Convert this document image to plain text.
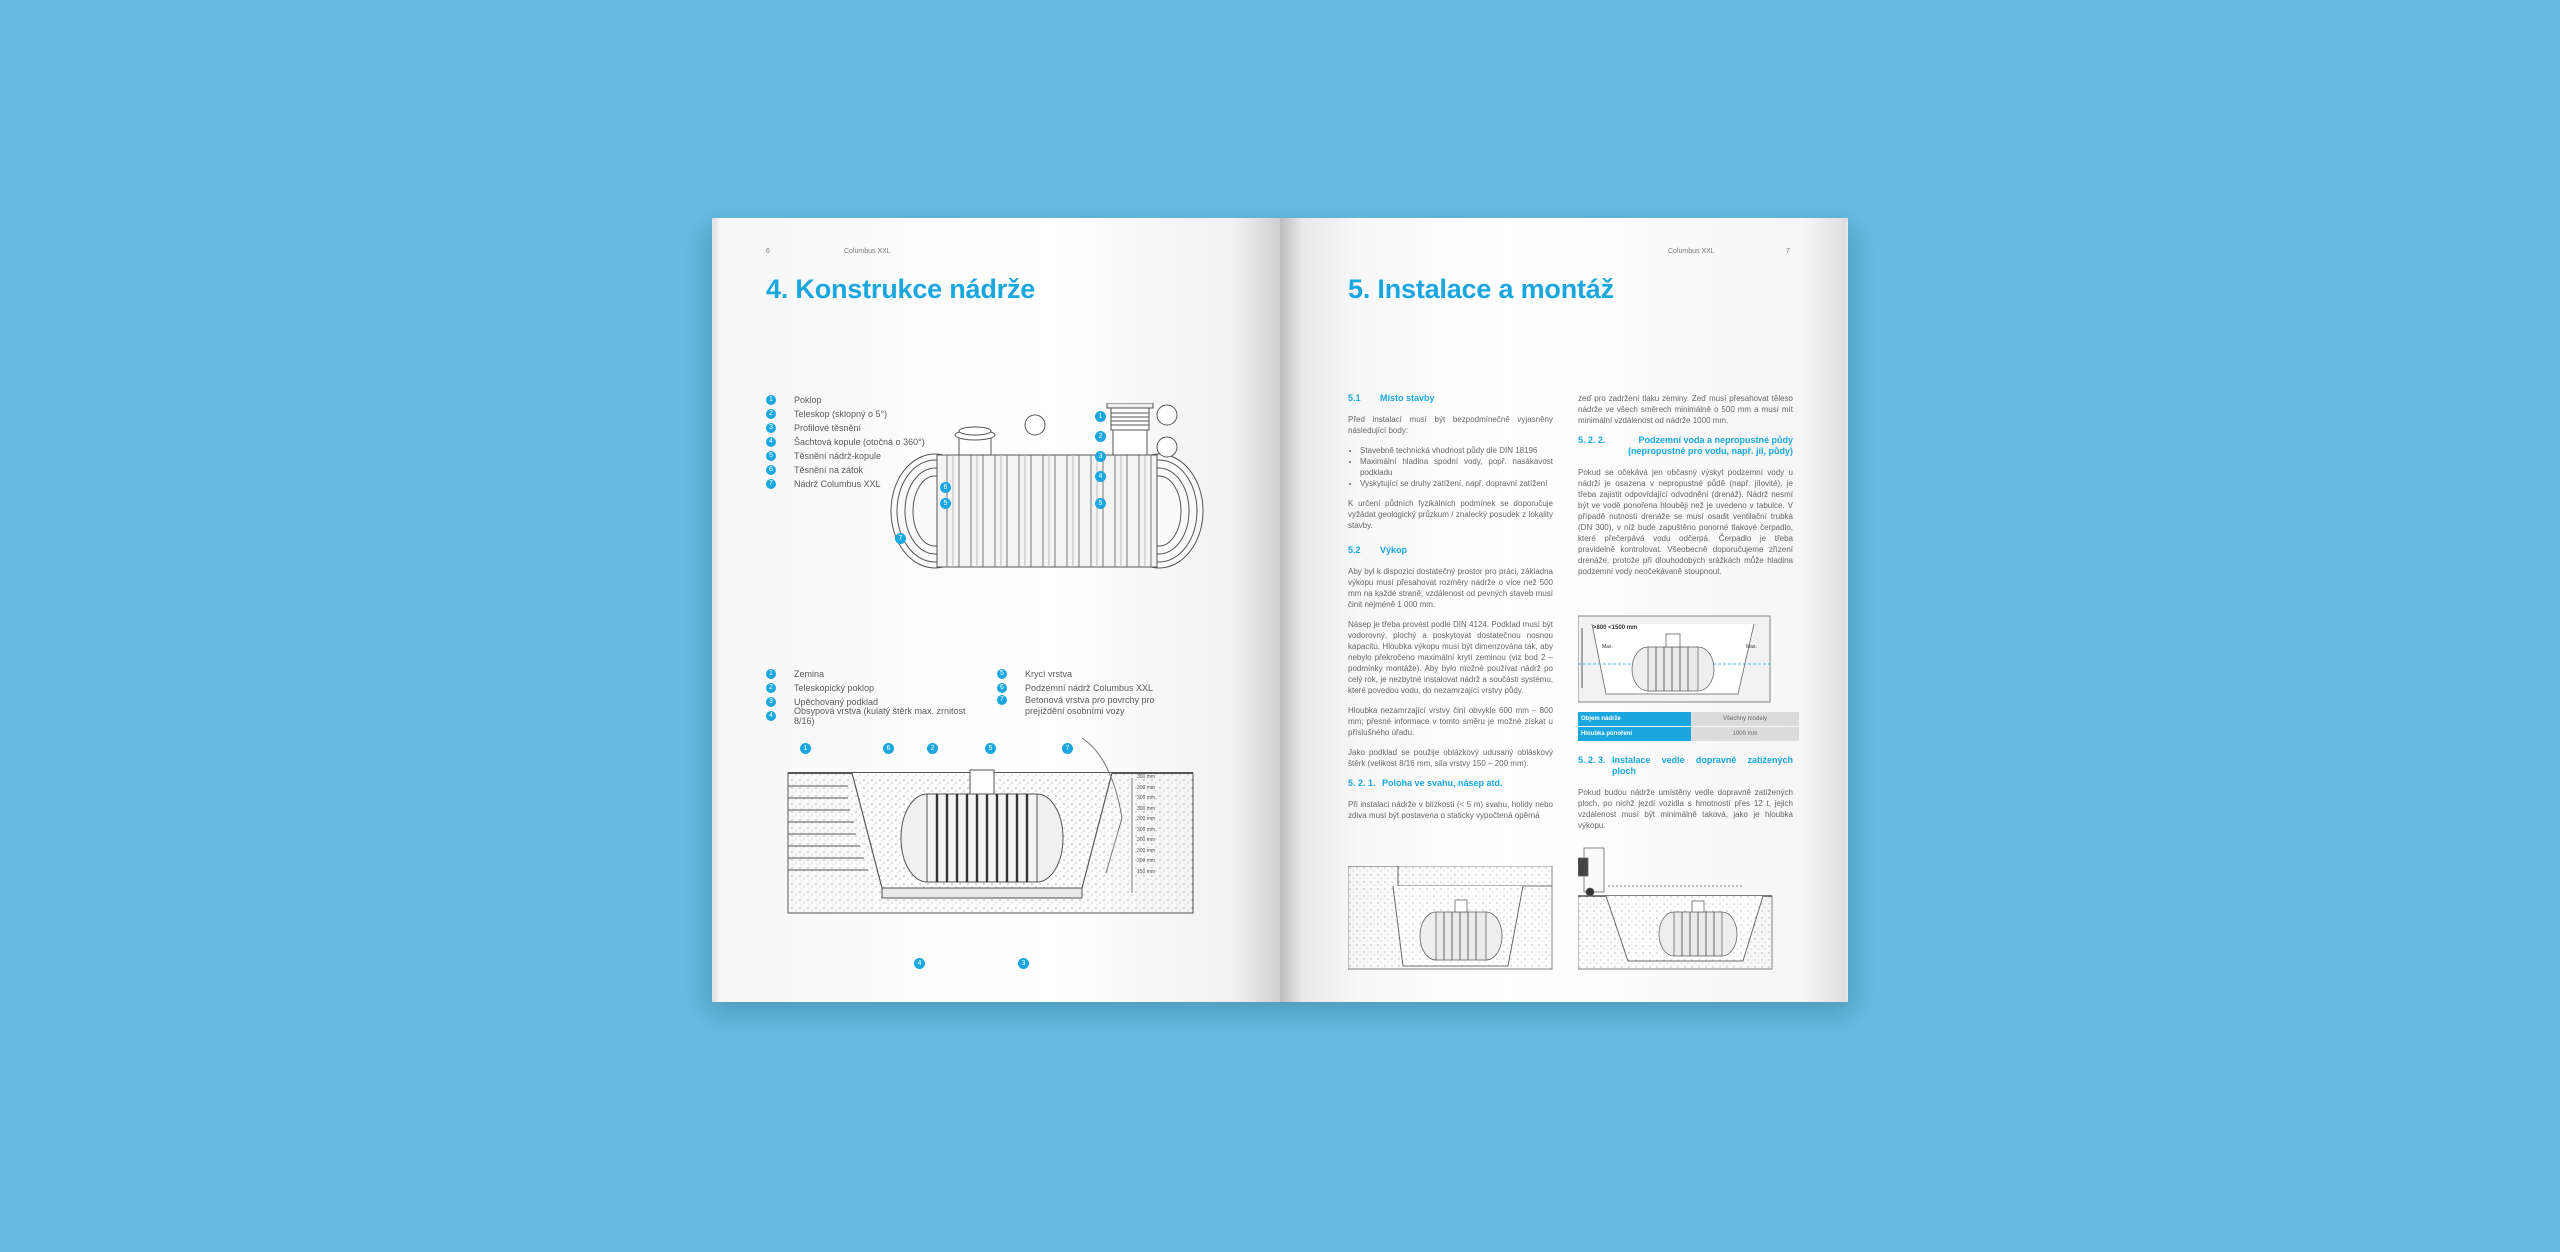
6	Columbus XXL
4. Konstrukce nádrže
1	Poklop
2	Teleskop (sklopný o 5°)
3	Profilové těsnění
4	Šachtová kopule (otočná o 360°)
5	Těsnění nádrž-kopule
6	Těsnění na zátok
7	Nádrž Columbus XXL	6
5
7
1
2
3
4
5
1	Zemina
2	Teleskopický poklop
3	Upěchovaný podklad
4	Obsypová vrstva (kulatý štěrk max. zrnitost 8/16)
5	Krycí vrstva
6	Podzemní nádrž Columbus XXL
7	Betonová vrstva pro povrchy pro prejíždění osobními vozy
300 mm
300 mm
300 mm
300 mm
300 mm
300 mm
300 mm
300 mm
300 mm
150 mm
1	6	2	5	7
4	3
Columbus XXL	7
5. Instalace a montáž
5.1 Místo stavby

Před instalací musí být bezpodmínečně vyjasněny následující body:

• Stavebně technická vhodnost půdy dle DIN 18196
• Maximální hladina spodní vody, popř. nasákavost podkladu
• Vyskytující se druhy zatížení, např. dopravní zatížení

K určení půdních fyzikálních podmínek se doporučuje vyžádat geologický průzkum / znalecký posudek z lokality stavby.

5.2 Výkop

Aby byl k dispozici dostatečný prostor pro práci, základna výkopu musí přesahovat rozměry nádrže o více než 500 mm na každé straně, vzdálenost od pevných staveb musí činit nejméně 1 000 mm.

Násep je třeba provést podle DIN 4124. Podklad musí být vodorovný, plochý a poskytovat dostatečnou nosnou kapacitu. Hloubka výkopu musí být dimenzována tak, aby nebylo překročeno maximální krytí zeminou (viz bod 2 – podmínky montáže). Aby bylo možné používat nádrž po celý rok, je nezbytné instalovat nádrž a součásti systému, které povedou vodu, do nezamrzající vrstvy půdy.

Hloubka nezamrzající vrstvy činí obvykle 600 mm – 800 mm; přesné informace v tomto směru je možné získat u příslušného úřadu.

Jako podklad se použije oblázkový udusaný obláskový štěrk (velikost 8/16 mm, síla vrstvy 150 – 200 mm).

5. 2. 1. Poloha ve svahu, násep atd.

Při instalaci nádrže v blízkosti (< 5 m) svahu, holidy nebo zdiva musí být postavena o staticky vypočtená opěrná

zeď pro zadržení tlaku zeminy. Zeď musí přesahovat těleso nádrže ve všech směrech minimálně o 500 mm a musí mít minimální vzdálenost od nádrže 1000 mm.

5. 2. 2.	Podzemní voda a nepropustné půdy (nepropustné pro vodu, např. jíl, půdy)

Pokud se očekává jen občasný výskyt podzemní vody u nádrží je osazena v nepropustné půdě (např. jílovité), je třeba zajistit odpovídající odvodnění (drenáž). Nádrž nesmí být ve vodě ponořena hlouběji než je uvedeno v tabulce. V případě nutnosti drenáže se musí osadit ventilační trubka (DN 300), v níž bude zapuštěno ponorné tlakové čerpadlo, které přečerpává vodu odčerpá. Čerpadlo je třeba pravidelně kontrolovat. Všeobecně doporučujeme zřízení drenáže, protože při dlouhodobých srážkách může hladina podzemní vody neočekávaně stoupnout.

>800 <1500 mm
Max.	Max.
Objem nádrže	Všechny modely
Hloubka ponoření	1000 mm
5. 2. 3. Instalace vedle dopravně zatížených ploch

Pokud budou nádrže umístěny vedle dopravně zatížených ploch, po nichž jezdí vozidla s hmotností přes 12 t, jejich vzdálenost musí být minimálně taková, jako je hloubka výkopu.
